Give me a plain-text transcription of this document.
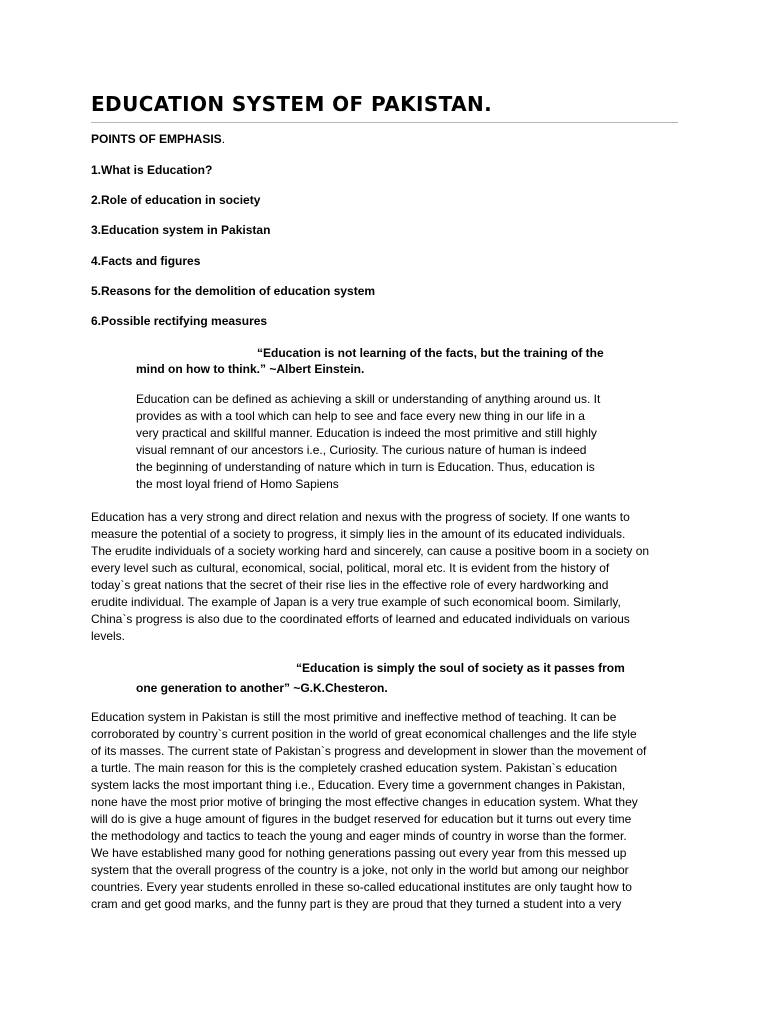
EDUCATION SYSTEM OF PAKISTAN.

POINTS OF EMPHASIS.

1.What is Education?

2.Role of education in society

3.Education system in Pakistan

4.Facts and figures

5.Reasons for the demolition of education system

6.Possible rectifying measures

“Education is not learning of the facts, but the training of the

mind on how to think.” ~Albert Einstein.

Education can be defined as achieving a skill or understanding of anything around us. It
provides as with a tool which can help to see and face every new thing in our life in a
very practical and skillful manner. Education is indeed the most primitive and still highly
visual remnant of our ancestors i.e., Curiosity. The curious nature of human is indeed
the beginning of understanding of nature which in turn is Education. Thus, education is
the most loyal friend of Homo Sapiens

Education has a very strong and direct relation and nexus with the progress of society. If one wants to
measure the potential of a society to progress, it simply lies in the amount of its educated individuals.
The erudite individuals of a society working hard and sincerely, can cause a positive boom in a society on
every level such as cultural, economical, social, political, moral etc. It is evident from the history of
today`s great nations that the secret of their rise lies in the effective role of every hardworking and
erudite individual. The example of Japan is a very true example of such economical boom. Similarly,
China`s progress is also due to the coordinated efforts of learned and educated individuals on various
levels.

“Education is simply the soul of society as it passes from

one generation to another” ~G.K.Chesteron.

Education system in Pakistan is still the most primitive and ineffective method of teaching. It can be
corroborated by country`s current position in the world of great economical challenges and the life style
of its masses. The current state of Pakistan`s progress and development in slower than the movement of
a turtle. The main reason for this is the completely crashed education system. Pakistan`s education
system lacks the most important thing i.e., Education. Every time a government changes in Pakistan,
none have the most prior motive of bringing the most effective changes in education system. What they
will do is give a huge amount of figures in the budget reserved for education but it turns out every time
the methodology and tactics to teach the young and eager minds of country in worse than the former.
We have established many good for nothing generations passing out every year from this messed up
system that the overall progress of the country is a joke, not only in the world but among our neighbor
countries. Every year students enrolled in these so-called educational institutes are only taught how to
cram and get good marks, and the funny part is they are proud that they turned a student into a very
